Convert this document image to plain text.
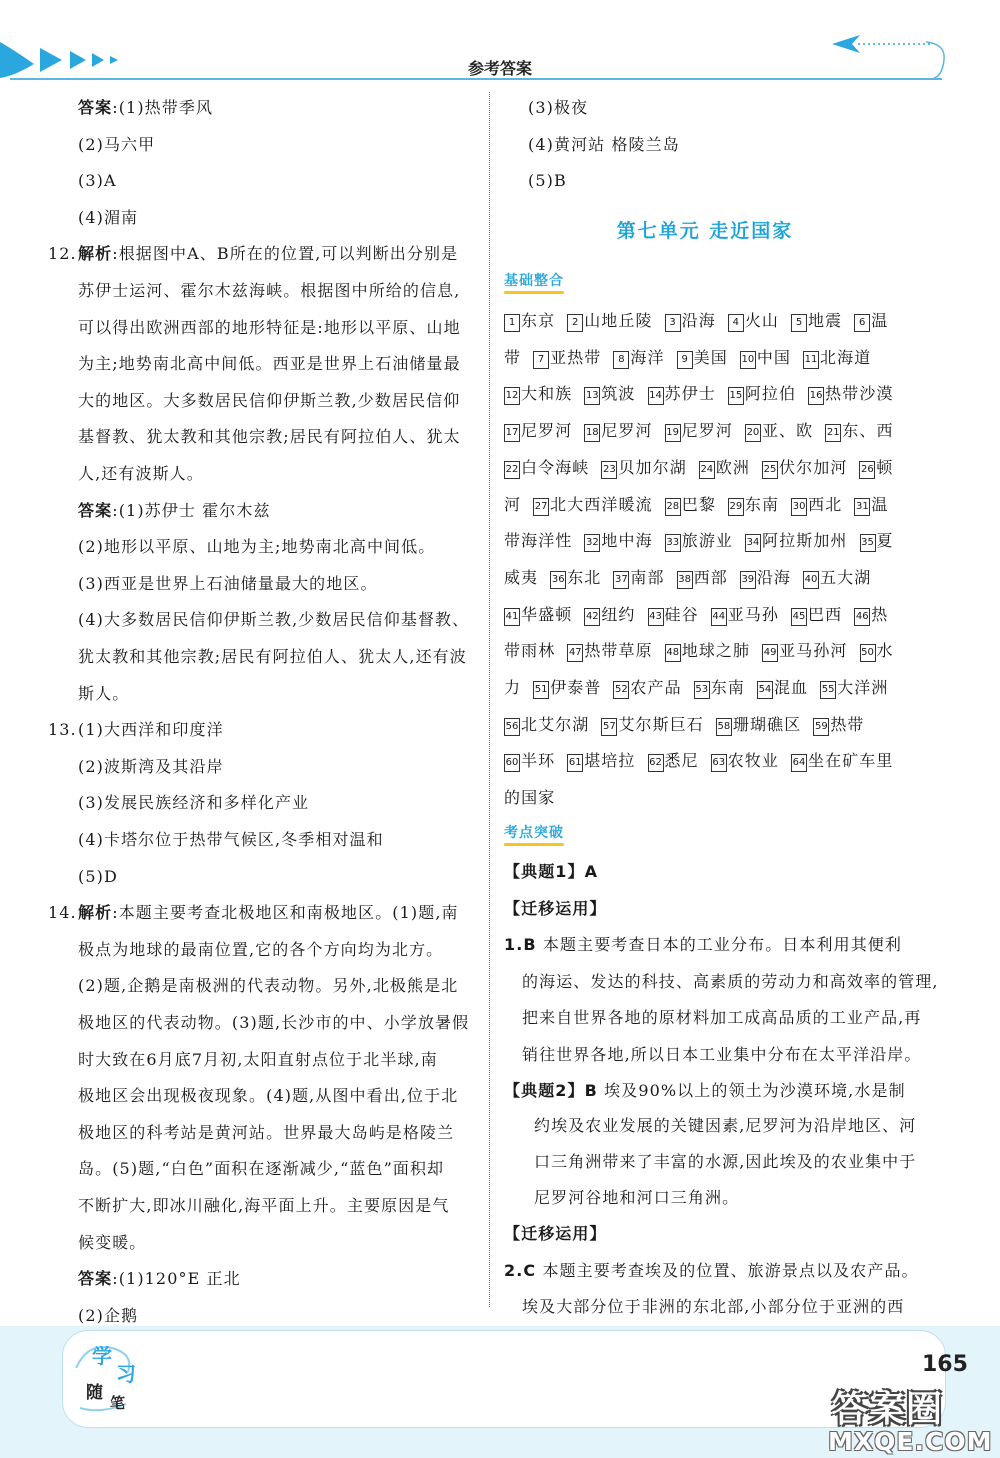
参考答案
答案:(1)热带季风
(2)马六甲
(3)A
(4)湄南
12.解析:根据图中A、B所在的位置,可以判断出分别是
苏伊士运河、霍尔木兹海峡。根据图中所给的信息,
可以得出欧洲西部的地形特征是:地形以平原、山地
为主;地势南北高中间低。西亚是世界上石油储量最
大的地区。大多数居民信仰伊斯兰教,少数居民信仰
基督教、犹太教和其他宗教;居民有阿拉伯人、犹太
人,还有波斯人。
答案:(1)苏伊士 霍尔木兹
(2)地形以平原、山地为主;地势南北高中间低。
(3)西亚是世界上石油储量最大的地区。
(4)大多数居民信仰伊斯兰教,少数居民信仰基督教、
犹太教和其他宗教;居民有阿拉伯人、犹太人,还有波
斯人。
13.(1)大西洋和印度洋
(2)波斯湾及其沿岸
(3)发展民族经济和多样化产业
(4)卡塔尔位于热带气候区,冬季相对温和
(5)D
14.解析:本题主要考查北极地区和南极地区。(1)题,南
极点为地球的最南位置,它的各个方向均为北方。
(2)题,企鹅是南极洲的代表动物。另外,北极熊是北
极地区的代表动物。(3)题,长沙市的中、小学放暑假
时大致在6月底7月初,太阳直射点位于北半球,南
极地区会出现极夜现象。(4)题,从图中看出,位于北
极地区的科考站是黄河站。世界最大岛屿是格陵兰
岛。(5)题,“白色”面积在逐渐减少,“蓝色”面积却
不断扩大,即冰川融化,海平面上升。主要原因是气
候变暖。
答案:(1)120°E 正北
(2)企鹅
(3)极夜
(4)黄河站 格陵兰岛
(5)B
第七单元 走近国家
基础整合
1 东京 2 山地丘陵 3 沿海 4 火山 5 地震 6 温
带 7 亚热带 8 海洋 9 美国 10 中国 11 北海道
12 大和族 13 筑波 14 苏伊士 15 阿拉伯 16 热带沙漠
17 尼罗河 18 尼罗河 19 尼罗河 20 亚、欧 21 东、西
22 白令海峡 23 贝加尔湖 24 欧洲 25 伏尔加河 26 顿
河 27 北大西洋暖流 28 巴黎 29 东南 30 西北 31 温
带海洋性 32 地中海 33 旅游业 34 阿拉斯加州 35 夏
威夷 36 东北 37 南部 38 西部 39 沿海 40 五大湖
41 华盛顿 42 纽约 43 硅谷 44 亚马孙 45 巴西 46 热
带雨林 47 热带草原 48 地球之肺 49 亚马孙河 50 水
力 51 伊泰普 52 农产品 53 东南 54 混血 55 大洋洲
56 北艾尔湖 57 艾尔斯巨石 58 珊瑚礁区 59 热带
60 半环 61 堪培拉 62 悉尼 63 农牧业 64 坐在矿车里
的国家
考点突破
【典题1】A
【迁移运用】
1.B 本题主要考查日本的工业分布。日本利用其便利
的海运、发达的科技、高素质的劳动力和高效率的管理,
把来自世界各地的原材料加工成高品质的工业产品,再
销往世界各地,所以日本工业集中分布在太平洋沿岸。
【典题2】B 埃及90%以上的领土为沙漠环境,水是制
约埃及农业发展的关键因素,尼罗河为沿岸地区、河
口三角洲带来了丰富的水源,因此埃及的农业集中于
尼罗河谷地和河口三角洲。
【迁移运用】
2.C 本题主要考查埃及的位置、旅游景点以及农产品。
埃及大部分位于非洲的东北部,小部分位于亚洲的西
学
习
随 笔
165
答案圈
MXQE.COM
